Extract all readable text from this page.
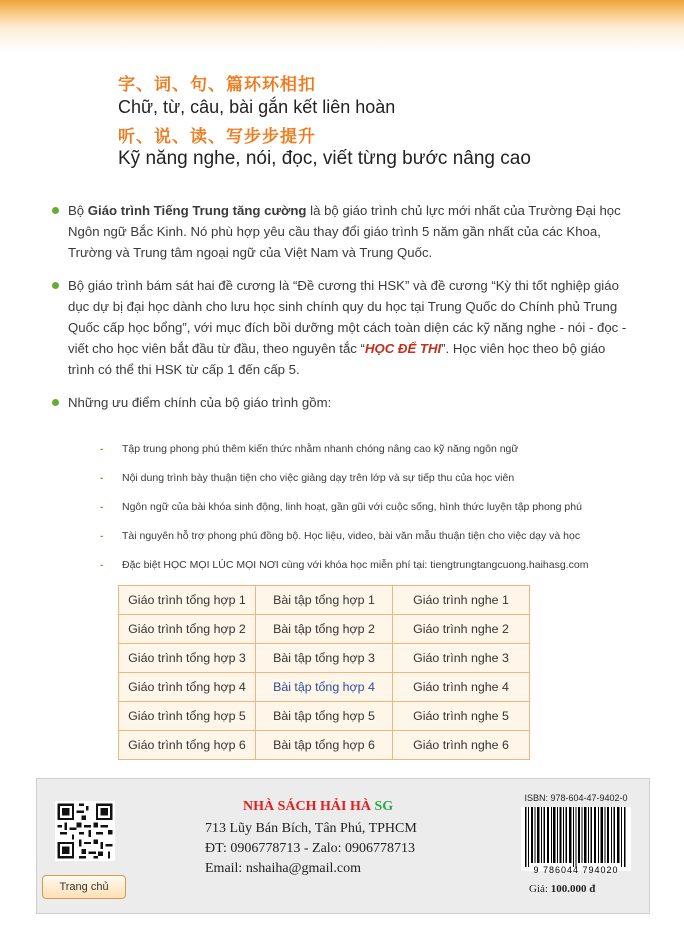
字、词、句、篇环环相扣
Chữ, từ, câu, bài gắn kết liên hoàn
听、说、读、写步步提升
Kỹ năng nghe, nói, đọc, viết từng bước nâng cao
Bộ Giáo trình Tiếng Trung tăng cường là bộ giáo trình chủ lực mới nhất của Trường Đại học Ngôn ngữ Bắc Kinh. Nó phù hợp yêu cầu thay đổi giáo trình 5 năm gần nhất của các Khoa, Trường và Trung tâm ngoại ngữ của Việt Nam và Trung Quốc.
Bộ giáo trình bám sát hai đề cương là “Đề cương thi HSK” và đề cương “Kỳ thi tốt nghiệp giáo dục dự bị đại học dành cho lưu học sinh chính quy du học tại Trung Quốc do Chính phủ Trung Quốc cấp học bổng”, với mục đích bồi dưỡng một cách toàn diện các kỹ năng nghe - nói - đọc - viết cho học viên bắt đầu từ đầu, theo nguyên tắc “HỌC ĐỂ THI”. Học viên học theo bộ giáo trình có thể thi HSK từ cấp 1 đến cấp 5.
Những ưu điểm chính của bộ giáo trình gồm:
- Tập trung phong phú thêm kiến thức nhằm nhanh chóng nâng cao kỹ năng ngôn ngữ
- Nội dung trình bày thuận tiện cho việc giảng dạy trên lớp và sự tiếp thu của học viên
- Ngôn ngữ của bài khóa sinh động, linh hoạt, gần gũi với cuộc sống, hình thức luyện tập phong phú
- Tài nguyên hỗ trợ phong phú đồng bộ. Học liệu, video, bài văn mẫu thuận tiện cho việc dạy và học
- Đặc biệt HỌC MỌI LÚC MỌI NƠI cùng với khóa học miễn phí tại: tiengtrungtangcuong.haihasg.com
Giáo trình tổng hợp 1	Bài tập tổng hợp 1	Giáo trình nghe 1
Giáo trình tổng hợp 2	Bài tập tổng hợp 2	Giáo trình nghe 2
Giáo trình tổng hợp 3	Bài tập tổng hợp 3	Giáo trình nghe 3
Giáo trình tổng hợp 4	Bài tập tổng hợp 4	Giáo trình nghe 4
Giáo trình tổng hợp 5	Bài tập tổng hợp 5	Giáo trình nghe 5
Giáo trình tổng hợp 6	Bài tập tổng hợp 6	Giáo trình nghe 6
Trang chủ
NHÀ SÁCH HẢI HÀ SG
713 Lũy Bán Bích, Tân Phú, TPHCM
ĐT: 0906778713 - Zalo: 0906778713
Email: nshaiha@gmail.com
ISBN: 978-604-47-9402-0
9 786044 794020
Giá: 100.000 đ
